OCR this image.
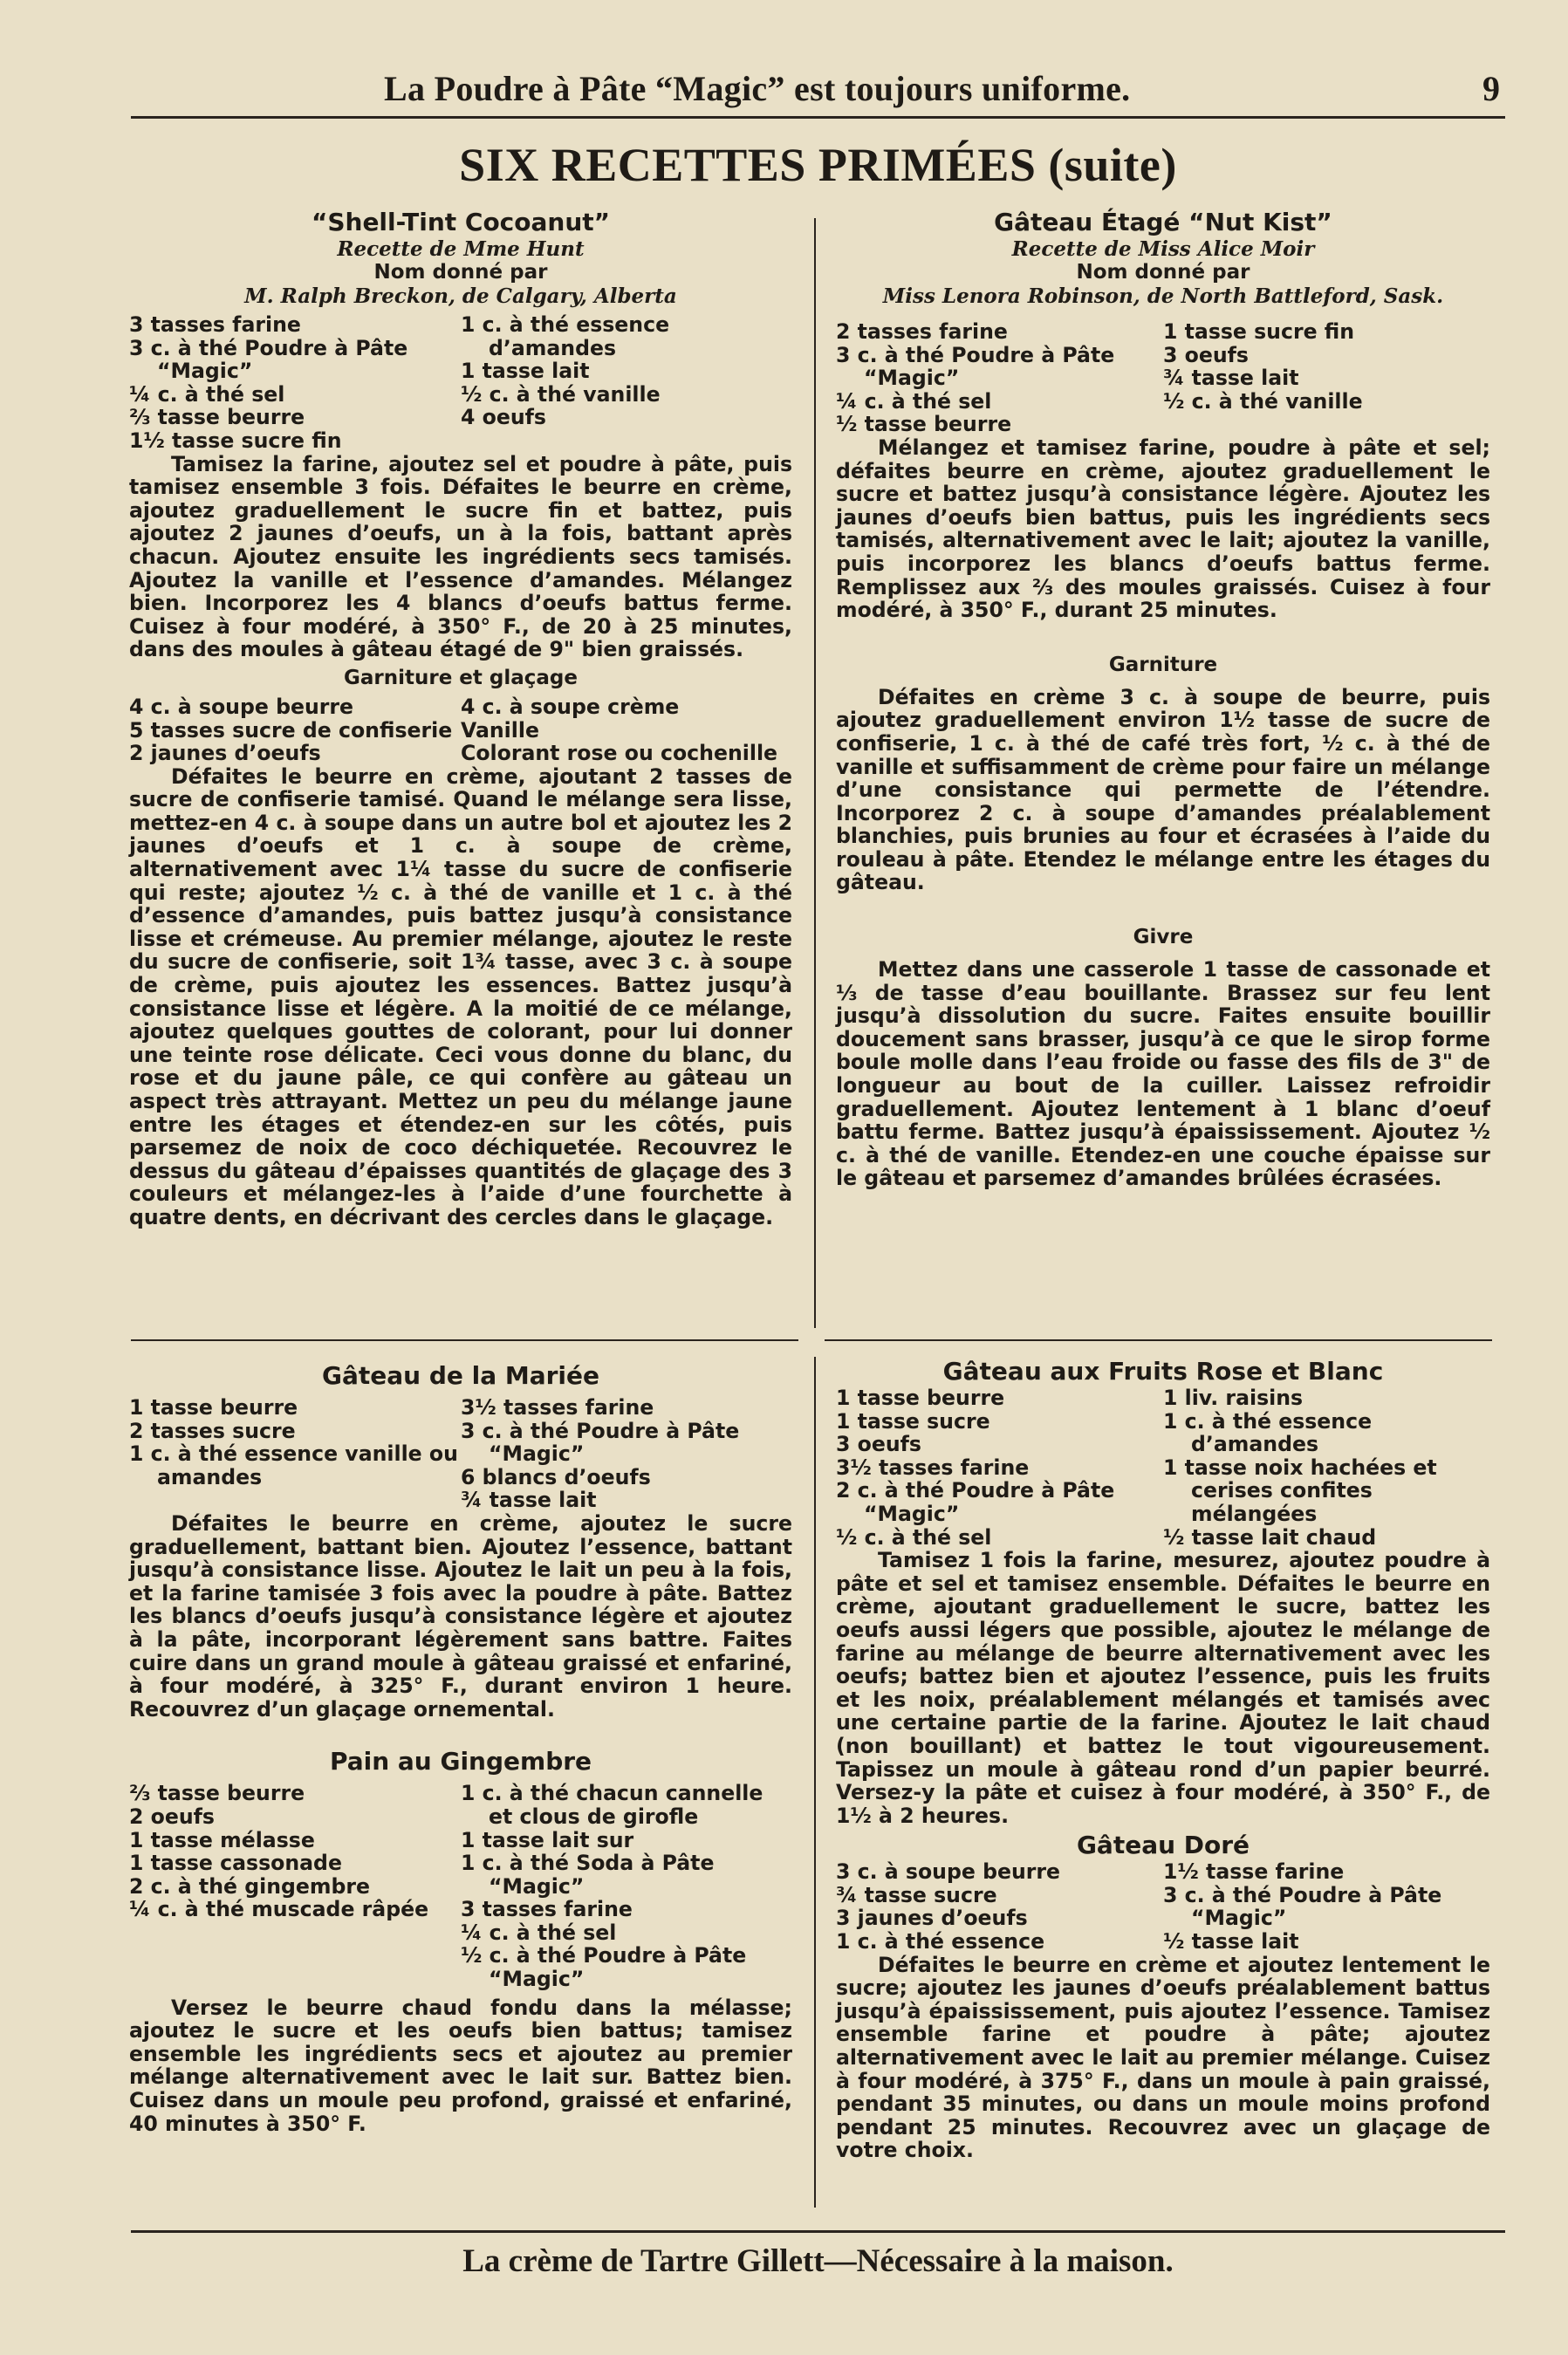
La Poudre à Pâte “Magic” est toujours uniforme.	9
SIX RECETTES PRIMÉES (suite)
“Shell-Tint Cocoanut”
Recette de Mme Hunt
Nom donné par
M. Ralph Breckon, de Calgary, Alberta
3 tasses farine
3 c. à thé Poudre à Pâte “Magic”
¼ c. à thé sel
⅔ tasse beurre
1½ tasse sucre fin
1 c. à thé essence d’amandes
1 tasse lait
½ c. à thé vanille
4 oeufs

Tamisez la farine, ajoutez sel et poudre à pâte, puis tamisez ensemble 3 fois. Défaites le beurre en crème, ajoutez graduellement le sucre fin et battez, puis ajoutez 2 jaunes d’oeufs, un à la fois, battant après chacun. Ajoutez ensuite les ingrédients secs tamisés. Ajoutez la vanille et l’essence d’amandes. Mélangez bien. Incorporez les 4 blancs d’oeufs battus ferme. Cuisez à four modéré, à 350° F., de 20 à 25 minutes, dans des moules à gâteau étagé de 9" bien graissés.

Garniture et glaçage
4 c. à soupe beurre
5 tasses sucre de confiserie
2 jaunes d’oeufs
4 c. à soupe crème
Vanille
Colorant rose ou cochenille

Défaites le beurre en crème, ajoutant 2 tasses de sucre de confiserie tamisé. Quand le mélange sera lisse, mettez-en 4 c. à soupe dans un autre bol et ajoutez les 2 jaunes d’oeufs et 1 c. à soupe de crème, alternativement avec 1¼ tasse du sucre de confiserie qui reste; ajoutez ½ c. à thé de vanille et 1 c. à thé d’essence d’amandes, puis battez jusqu’à consistance lisse et crémeuse. Au premier mélange, ajoutez le reste du sucre de confiserie, soit 1¾ tasse, avec 3 c. à soupe de crème, puis ajoutez les essences. Battez jusqu’à consistance lisse et légère. A la moitié de ce mélange, ajoutez quelques gouttes de colorant, pour lui donner une teinte rose délicate. Ceci vous donne du blanc, du rose et du jaune pâle, ce qui confère au gâteau un aspect très attrayant. Mettez un peu du mélange jaune entre les étages et étendez-en sur les côtés, puis parsemez de noix de coco déchiquetée. Recouvrez le dessus du gâteau d’épaisses quantités de glaçage des 3 couleurs et mélangez-les à l’aide d’une fourchette à quatre dents, en décrivant des cercles dans le glaçage.

Gâteau Étagé “Nut Kist”
Recette de Miss Alice Moir
Nom donné par
Miss Lenora Robinson, de North Battleford, Sask.
2 tasses farine
3 c. à thé Poudre à Pâte “Magic”
¼ c. à thé sel
½ tasse beurre
1 tasse sucre fin
3 oeufs
¾ tasse lait
½ c. à thé vanille

Mélangez et tamisez farine, poudre à pâte et sel; défaites beurre en crème, ajoutez graduellement le sucre et battez jusqu’à consistance légère. Ajoutez les jaunes d’oeufs bien battus, puis les ingrédients secs tamisés, alternativement avec le lait; ajoutez la vanille, puis incorporez les blancs d’oeufs battus ferme. Remplissez aux ⅔ des moules graissés. Cuisez à four modéré, à 350° F., durant 25 minutes.

Garniture

Défaites en crème 3 c. à soupe de beurre, puis ajoutez graduellement environ 1½ tasse de sucre de confiserie, 1 c. à thé de café très fort, ½ c. à thé de vanille et suffisamment de crème pour faire un mélange d’une consistance qui permette de l’étendre. Incorporez 2 c. à soupe d’amandes préalablement blanchies, puis brunies au four et écrasées à l’aide du rouleau à pâte. Etendez le mélange entre les étages du gâteau.

Givre

Mettez dans une casserole 1 tasse de cassonade et ⅓ de tasse d’eau bouillante. Brassez sur feu lent jusqu’à dissolution du sucre. Faites ensuite bouillir doucement sans brasser, jusqu’à ce que le sirop forme boule molle dans l’eau froide ou fasse des fils de 3" de longueur au bout de la cuiller. Laissez refroidir graduellement. Ajoutez lentement à 1 blanc d’oeuf battu ferme. Battez jusqu’à épaississement. Ajoutez ½ c. à thé de vanille. Etendez-en une couche épaisse sur le gâteau et parsemez d’amandes brûlées écrasées.

Gâteau de la Mariée
1 tasse beurre
2 tasses sucre
1 c. à thé essence vanille ou amandes
3½ tasses farine
3 c. à thé Poudre à Pâte “Magic”
6 blancs d’oeufs
¾ tasse lait

Défaites le beurre en crème, ajoutez le sucre graduellement, battant bien. Ajoutez l’essence, battant jusqu’à consistance lisse. Ajoutez le lait un peu à la fois, et la farine tamisée 3 fois avec la poudre à pâte. Battez les blancs d’oeufs jusqu’à consistance légère et ajoutez à la pâte, incorporant légèrement sans battre. Faites cuire dans un grand moule à gâteau graissé et enfariné, à four modéré, à 325° F., durant environ 1 heure. Recouvrez d’un glaçage ornemental.

Pain au Gingembre
⅔ tasse beurre
2 oeufs
1 tasse mélasse
1 tasse cassonade
2 c. à thé gingembre
¼ c. à thé muscade râpée
1 c. à thé chacun cannelle et clous de girofle
1 tasse lait sur
1 c. à thé Soda à Pâte “Magic”
3 tasses farine
¼ c. à thé sel
½ c. à thé Poudre à Pâte “Magic”

Versez le beurre chaud fondu dans la mélasse; ajoutez le sucre et les oeufs bien battus; tamisez ensemble les ingrédients secs et ajoutez au premier mélange alternativement avec le lait sur. Battez bien. Cuisez dans un moule peu profond, graissé et enfariné, 40 minutes à 350° F.

Gâteau aux Fruits Rose et Blanc
1 tasse beurre
1 tasse sucre
3 oeufs
3½ tasses farine
2 c. à thé Poudre à Pâte “Magic”
½ c. à thé sel
1 liv. raisins
1 c. à thé essence d’amandes
1 tasse noix hachées et cerises confites mélangées
½ tasse lait chaud

Tamisez 1 fois la farine, mesurez, ajoutez poudre à pâte et sel et tamisez ensemble. Défaites le beurre en crème, ajoutant graduellement le sucre, battez les oeufs aussi légers que possible, ajoutez le mélange de farine au mélange de beurre alternativement avec les oeufs; battez bien et ajoutez l’essence, puis les fruits et les noix, préalablement mélangés et tamisés avec une certaine partie de la farine. Ajoutez le lait chaud (non bouillant) et battez le tout vigoureusement. Tapissez un moule à gâteau rond d’un papier beurré. Versez-y la pâte et cuisez à four modéré, à 350° F., de 1½ à 2 heures.

Gâteau Doré
3 c. à soupe beurre
¾ tasse sucre
3 jaunes d’oeufs
1 c. à thé essence
1½ tasse farine
3 c. à thé Poudre à Pâte “Magic”
½ tasse lait

Défaites le beurre en crème et ajoutez lentement le sucre; ajoutez les jaunes d’oeufs préalablement battus jusqu’à épaississement, puis ajoutez l’essence. Tamisez ensemble farine et poudre à pâte; ajoutez alternativement avec le lait au premier mélange. Cuisez à four modéré, à 375° F., dans un moule à pain graissé, pendant 35 minutes, ou dans un moule moins profond pendant 25 minutes. Recouvrez avec un glaçage de votre choix.

La crème de Tartre Gillett—Nécessaire à la maison.
